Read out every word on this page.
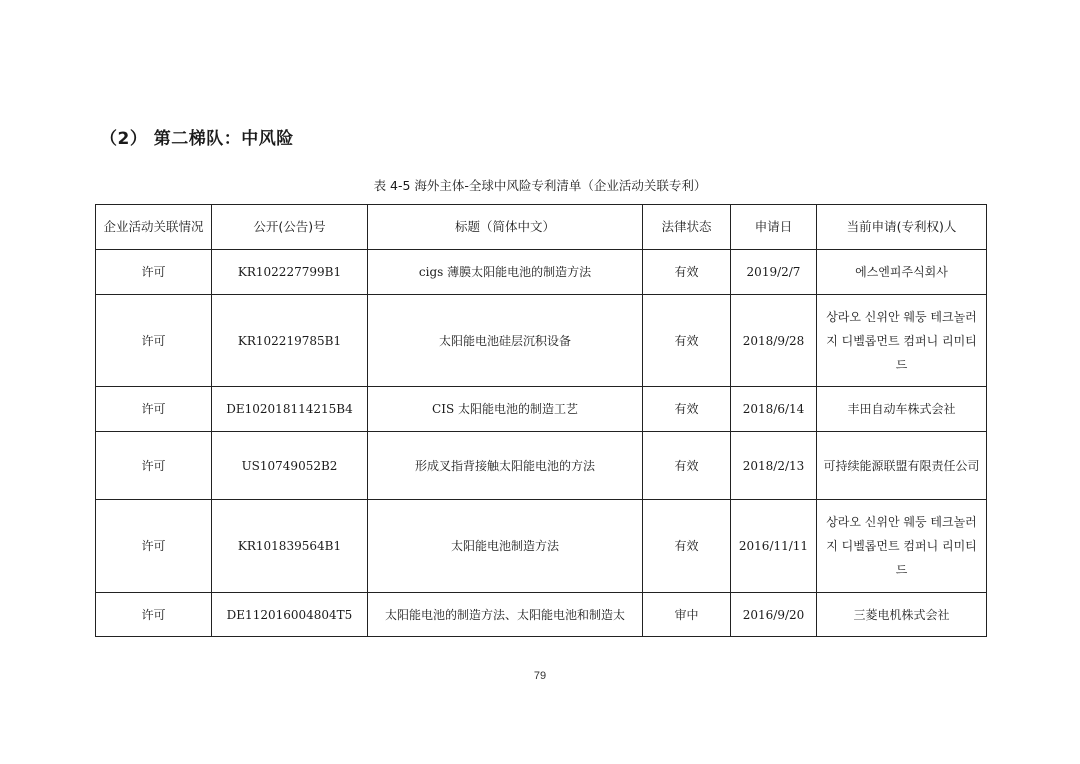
（2） 第二梯队：中风险
表 4-5 海外主体-全球中风险专利清单（企业活动关联专利）
企业活动关联情况	公开(公告)号	标题（简体中文）	法律状态	申请日	当前申请(专利权)人
许可	KR102227799B1	cigs 薄膜太阳能电池的制造方法	有效	2019/2/7	에스엔피주식회사
许可	KR102219785B1	太阳能电池硅层沉积设备	有效	2018/9/28	상라오 신위안 웨둥 테크놀러지 디벨롭먼트 컴퍼니 리미티드
许可	DE102018114215B4	CIS 太阳能电池的制造工艺	有效	2018/6/14	丰田自动车株式会社
许可	US10749052B2	形成叉指背接触太阳能电池的方法	有效	2018/2/13	可持续能源联盟有限责任公司
许可	KR101839564B1	太阳能电池制造方法	有效	2016/11/11	상라오 신위안 웨둥 테크놀러지 디벨롭먼트 컴퍼니 리미티드
许可	DE112016004804T5	太阳能电池的制造方法、太阳能电池和制造太	审中	2016/9/20	三菱电机株式会社
79
